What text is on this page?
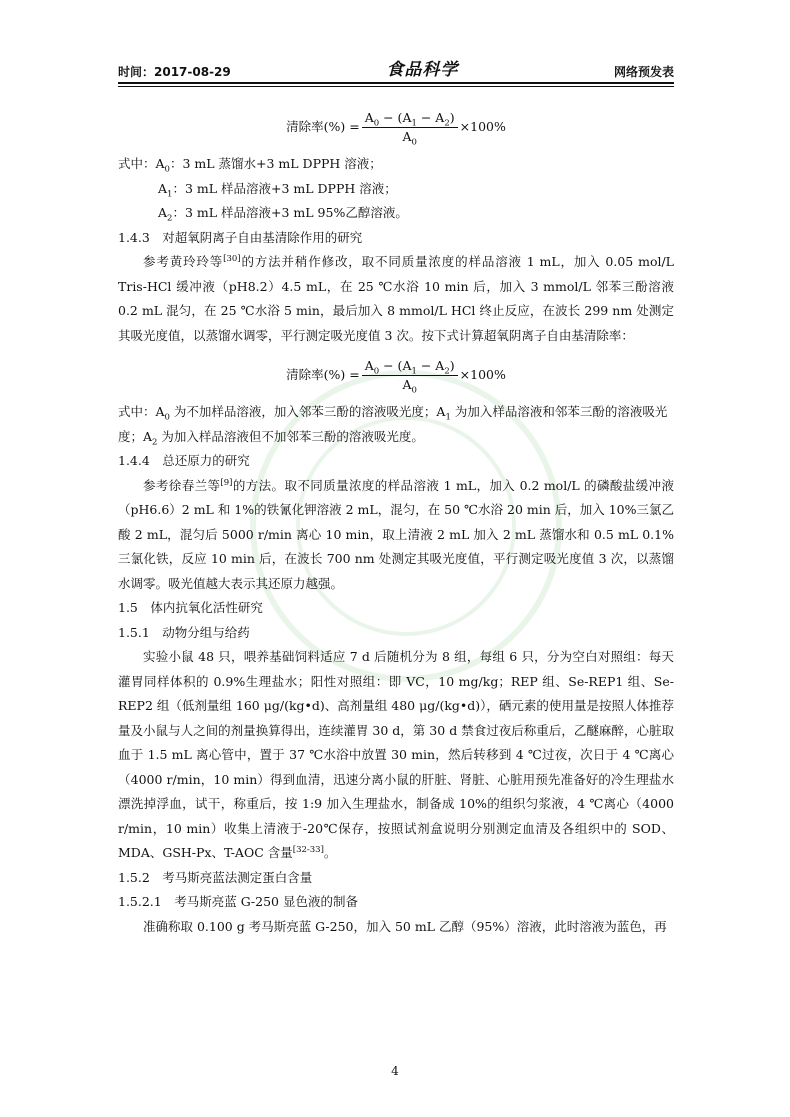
时间：2017-08-29	食品科学	网络预发表
清除率(%) = $\frac{A_0 - (A_1 - A_2)}{A_0} \times 100\%$

式中：$A_0$：3 mL 蒸馏水+3 mL DPPH 溶液；

$A_1$：3 mL 样品溶液+3 mL DPPH 溶液；

$A_2$：3 mL 样品溶液+3 mL 95%乙醇溶液。

1.4.3　对超氧阴离子自由基清除作用的研究

参考黄玲玲等[30]的方法并稍作修改，取不同质量浓度的样品溶液 1 mL，加入 0.05 mol/L Tris-HCl 缓冲液（pH8.2）4.5 mL，在 25 ℃水浴 10 min 后，加入 3 mmol/L 邻苯三酚溶液 0.2 mL 混匀，在 25 ℃水浴 5 min，最后加入 8 mmol/L HCl 终止反应，在波长 299 nm 处测定其吸光度值，以蒸馏水调零，平行测定吸光度值 3 次。按下式计算超氧阴离子自由基清除率：

清除率(%) = $\frac{A_0 - (A_1 - A_2)}{A_0} \times 100\%$

式中：$A_0$ 为不加样品溶液，加入邻苯三酚的溶液吸光度；$A_1$ 为加入样品溶液和邻苯三酚的溶液吸光度；$A_2$ 为加入样品溶液但不加邻苯三酚的溶液吸光度。

1.4.4　总还原力的研究

参考徐春兰等[9]的方法。取不同质量浓度的样品溶液 1 mL，加入 0.2 mol/L 的磷酸盐缓冲液（pH6.6）2 mL 和 1%的铁氰化钾溶液 2 mL，混匀，在 50 ℃水浴 20 min 后，加入 10%三氯乙酸 2 mL，混匀后 5000 r/min 离心 10 min，取上清液 2 mL 加入 2 mL 蒸馏水和 0.5 mL 0.1%三氯化铁，反应 10 min 后，在波长 700 nm 处测定其吸光度值，平行测定吸光度值 3 次，以蒸馏水调零。吸光值越大表示其还原力越强。

1.5　体内抗氧化活性研究

1.5.1　动物分组与给药

实验小鼠 48 只，喂养基础饲料适应 7 d 后随机分为 8 组，每组 6 只，分为空白对照组：每天灌胃同样体积的 0.9%生理盐水；阳性对照组：即 VC，10 mg/kg；REP 组、Se-REP1 组、Se-REP2 组（低剂量组 160 μg/(kg•d)、高剂量组 480 μg/(kg•d)），硒元素的使用量是按照人体推荐量及小鼠与人之间的剂量换算得出，连续灌胃 30 d，第 30 d 禁食过夜后称重后，乙醚麻醉，心脏取血于 1.5 mL 离心管中，置于 37 ℃水浴中放置 30 min，然后转移到 4 ℃过夜，次日于 4 ℃离心（4000 r/min，10 min）得到血清，迅速分离小鼠的肝脏、肾脏、心脏用预先准备好的冷生理盐水漂洗掉浮血，试干，称重后，按 1:9 加入生理盐水，制备成 10%的组织匀浆液，4 ℃离心（4000 r/min，10 min）收集上清液于-20℃保存，按照试剂盒说明分别测定血清及各组织中的 SOD、MDA、GSH-Px、T-AOC 含量[32-33]。

1.5.2　考马斯亮蓝法测定蛋白含量

1.5.2.1　考马斯亮蓝 G-250 显色液的制备

准确称取 0.100 g 考马斯亮蓝 G-250，加入 50 mL 乙醇（95%）溶液，此时溶液为蓝色，再

4
